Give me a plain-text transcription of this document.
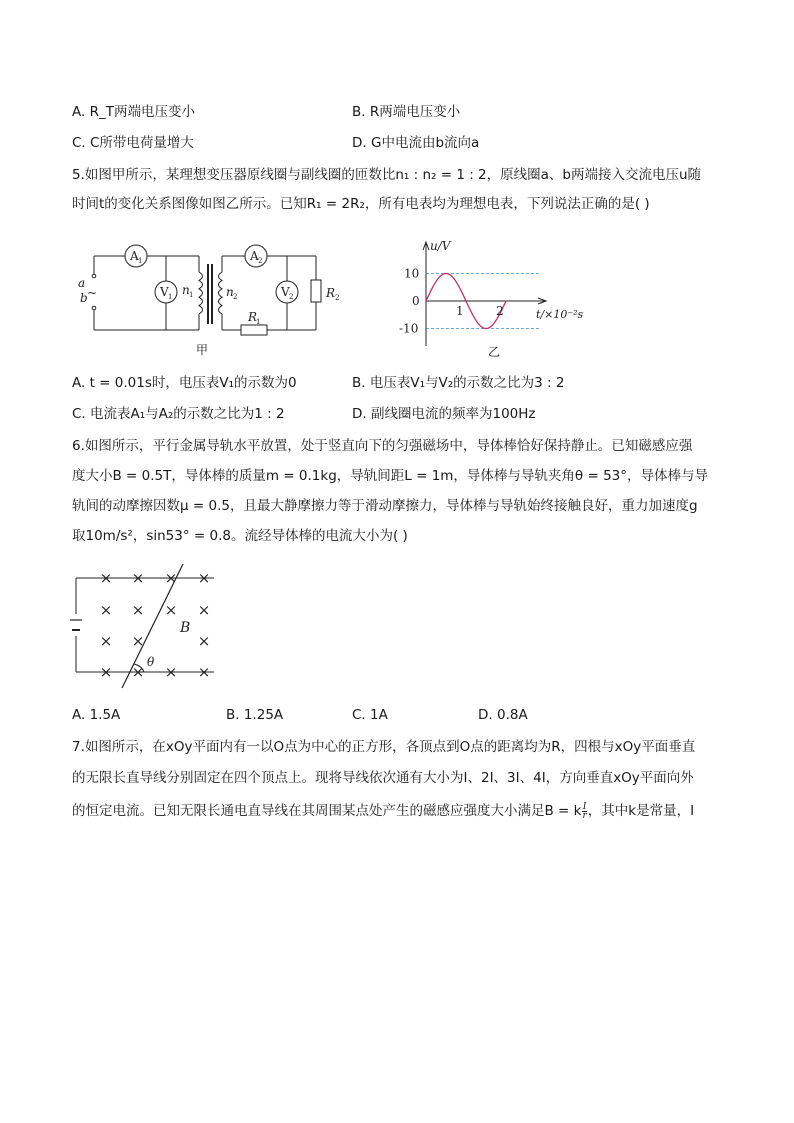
A. R_T两端电压变小	B. R两端电压变小
C. C所带电荷量增大	D. G中电流由b流向a
5.如图甲所示，某理想变压器原线圈与副线圈的匝数比n₁ : n₂ = 1 : 2，原线圈a、b两端接入交流电压u随
时间t的变化关系图像如图乙所示。已知R₁ = 2R₂，所有电表均为理想电表，下列说法正确的是( )
A 1
V 1
A 2
V 2
n 1	n 2
R
1
R 2
a
b ~
甲
u/V
10
0
-10
1	2	t/×10⁻²s
乙
A. t = 0.01s时，电压表V₁的示数为0	B. 电压表V₁与V₂的示数之比为3 : 2
C. 电流表A₁与A₂的示数之比为1 : 2	D. 副线圈电流的频率为100Hz
6.如图所示，平行金属导轨水平放置，处于竖直向下的匀强磁场中，导体棒恰好保持静止。已知磁感应强
度大小B = 0.5T，导体棒的质量m = 0.1kg，导轨间距L = 1m，导体棒与导轨夹角θ = 53°，导体棒与导
轨间的动摩擦因数μ = 0.5，且最大静摩擦力等于滑动摩擦力，导体棒与导轨始终接触良好，重力加速度g
取10m/s²，sin53° = 0.8。流经导体棒的电流大小为( )
× × × ×
× × × ×
× ×	×
× × × ×
B
θ
A. 1.5A	B. 1.25A	C. 1A	D. 0.8A
7.如图所示，在xOy平面内有一以O点为中心的正方形，各顶点到O点的距离均为R，四根与xOy平面垂直
的无限长直导线分别固定在四个顶点上。现将导线依次通有大小为I、2I、3I、4I，方向垂直xOy平面向外
的恒定电流。已知无限长通电直导线在其周围某点处产生的磁感应强度大小满足B = k $\frac{I}{r}$ ，其中k是常量，I
